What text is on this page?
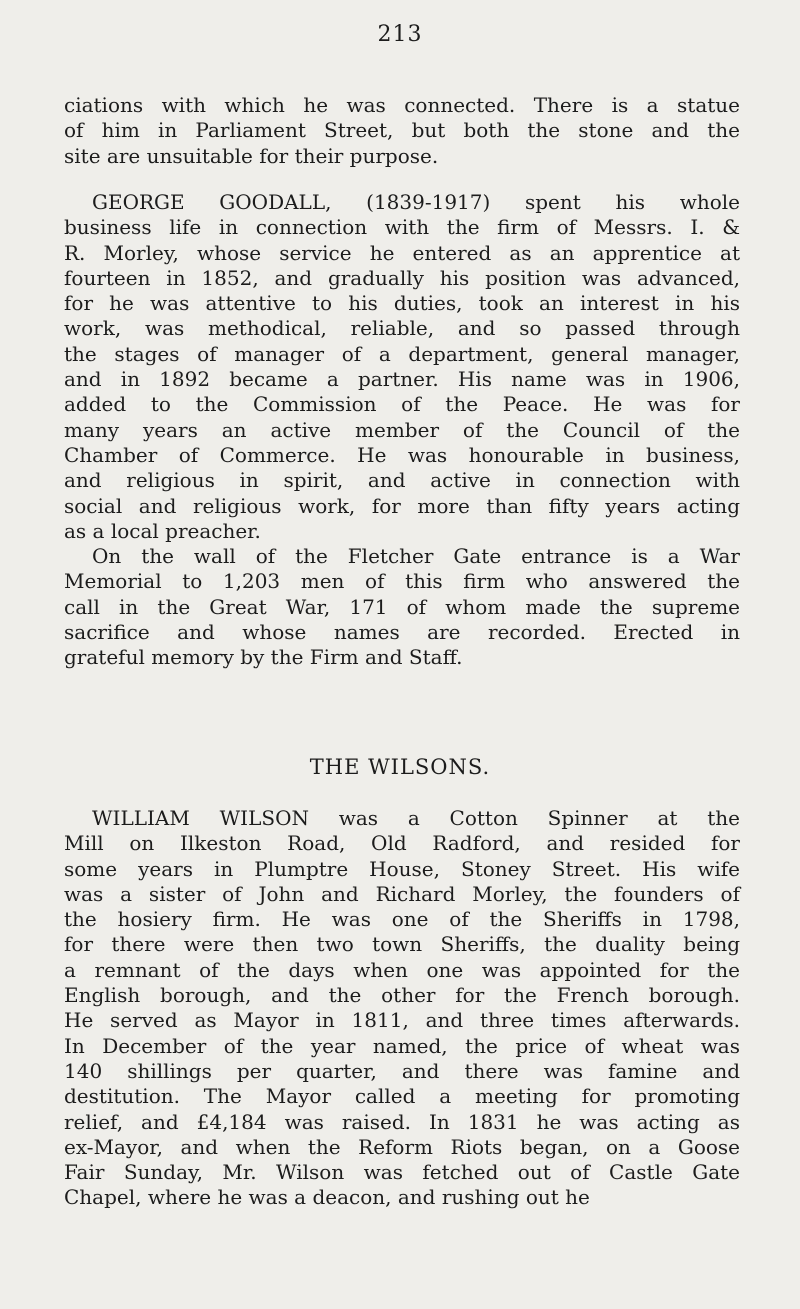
213
ciations with which he was connected. There is a statue
of him in Parliament Street, but both the stone and the
site are unsuitable for their purpose.
GEORGE GOODALL, (1839-1917) spent his whole
business life in connection with the firm of Messrs. I. &
R. Morley, whose service he entered as an apprentice at
fourteen in 1852, and gradually his position was advanced,
for he was attentive to his duties, took an interest in his
work, was methodical, reliable, and so passed through
the stages of manager of a department, general manager,
and in 1892 became a partner. His name was in 1906,
added to the Commission of the Peace. He was for
many years an active member of the Council of the
Chamber of Commerce. He was honourable in business,
and religious in spirit, and active in connection with
social and religious work, for more than fifty years acting
as a local preacher.
On the wall of the Fletcher Gate entrance is a War
Memorial to 1,203 men of this firm who answered the
call in the Great War, 171 of whom made the supreme
sacrifice and whose names are recorded. Erected in
grateful memory by the Firm and Staff.
THE WILSONS.
WILLIAM WILSON was a Cotton Spinner at the
Mill on Ilkeston Road, Old Radford, and resided for
some years in Plumptre House, Stoney Street. His wife
was a sister of John and Richard Morley, the founders of
the hosiery firm. He was one of the Sheriffs in 1798,
for there were then two town Sheriffs, the duality being
a remnant of the days when one was appointed for the
English borough, and the other for the French borough.
He served as Mayor in 1811, and three times afterwards.
In December of the year named, the price of wheat was
140 shillings per quarter, and there was famine and
destitution. The Mayor called a meeting for promoting
relief, and £4,184 was raised. In 1831 he was acting as
ex-Mayor, and when the Reform Riots began, on a Goose
Fair Sunday, Mr. Wilson was fetched out of Castle Gate
Chapel, where he was a deacon, and rushing out he
